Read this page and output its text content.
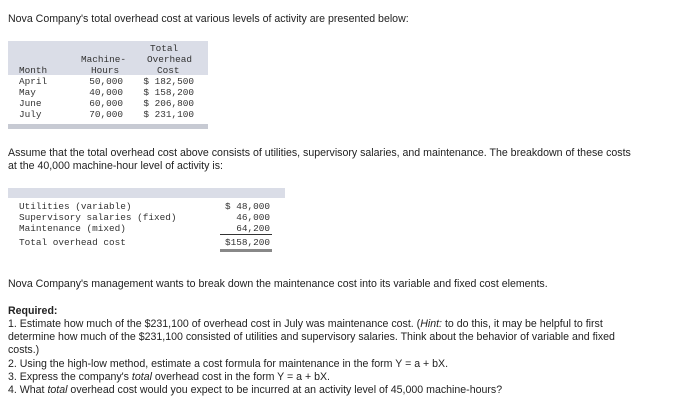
Nova Company's total overhead cost at various levels of activity are presented below:
Total
Machine- Overhead
Month	Hours	Cost
April	50,000 $ 182,500
May	40,000 $ 158,200
June	60,000 $ 206,800
July	70,000 $ 231,100
Assume that the total overhead cost above consists of utilities, supervisory salaries, and maintenance. The breakdown of these costs
at the 40,000 machine-hour level of activity is:
Utilities (variable)	$ 48,000
Supervisory salaries (fixed)	46,000
Maintenance (mixed)	64,200
Total overhead cost	$158,200
Nova Company's management wants to break down the maintenance cost into its variable and fixed cost elements.
Required:
1. Estimate how much of the $231,100 of overhead cost in July was maintenance cost. (Hint: to do this, it may be helpful to first
determine how much of the $231,100 consisted of utilities and supervisory salaries. Think about the behavior of variable and fixed
costs.)
2. Using the high-low method, estimate a cost formula for maintenance in the form Y = a + bX.
3. Express the company's total overhead cost in the form Y = a + bX.
4. What total overhead cost would you expect to be incurred at an activity level of 45,000 machine-hours?
